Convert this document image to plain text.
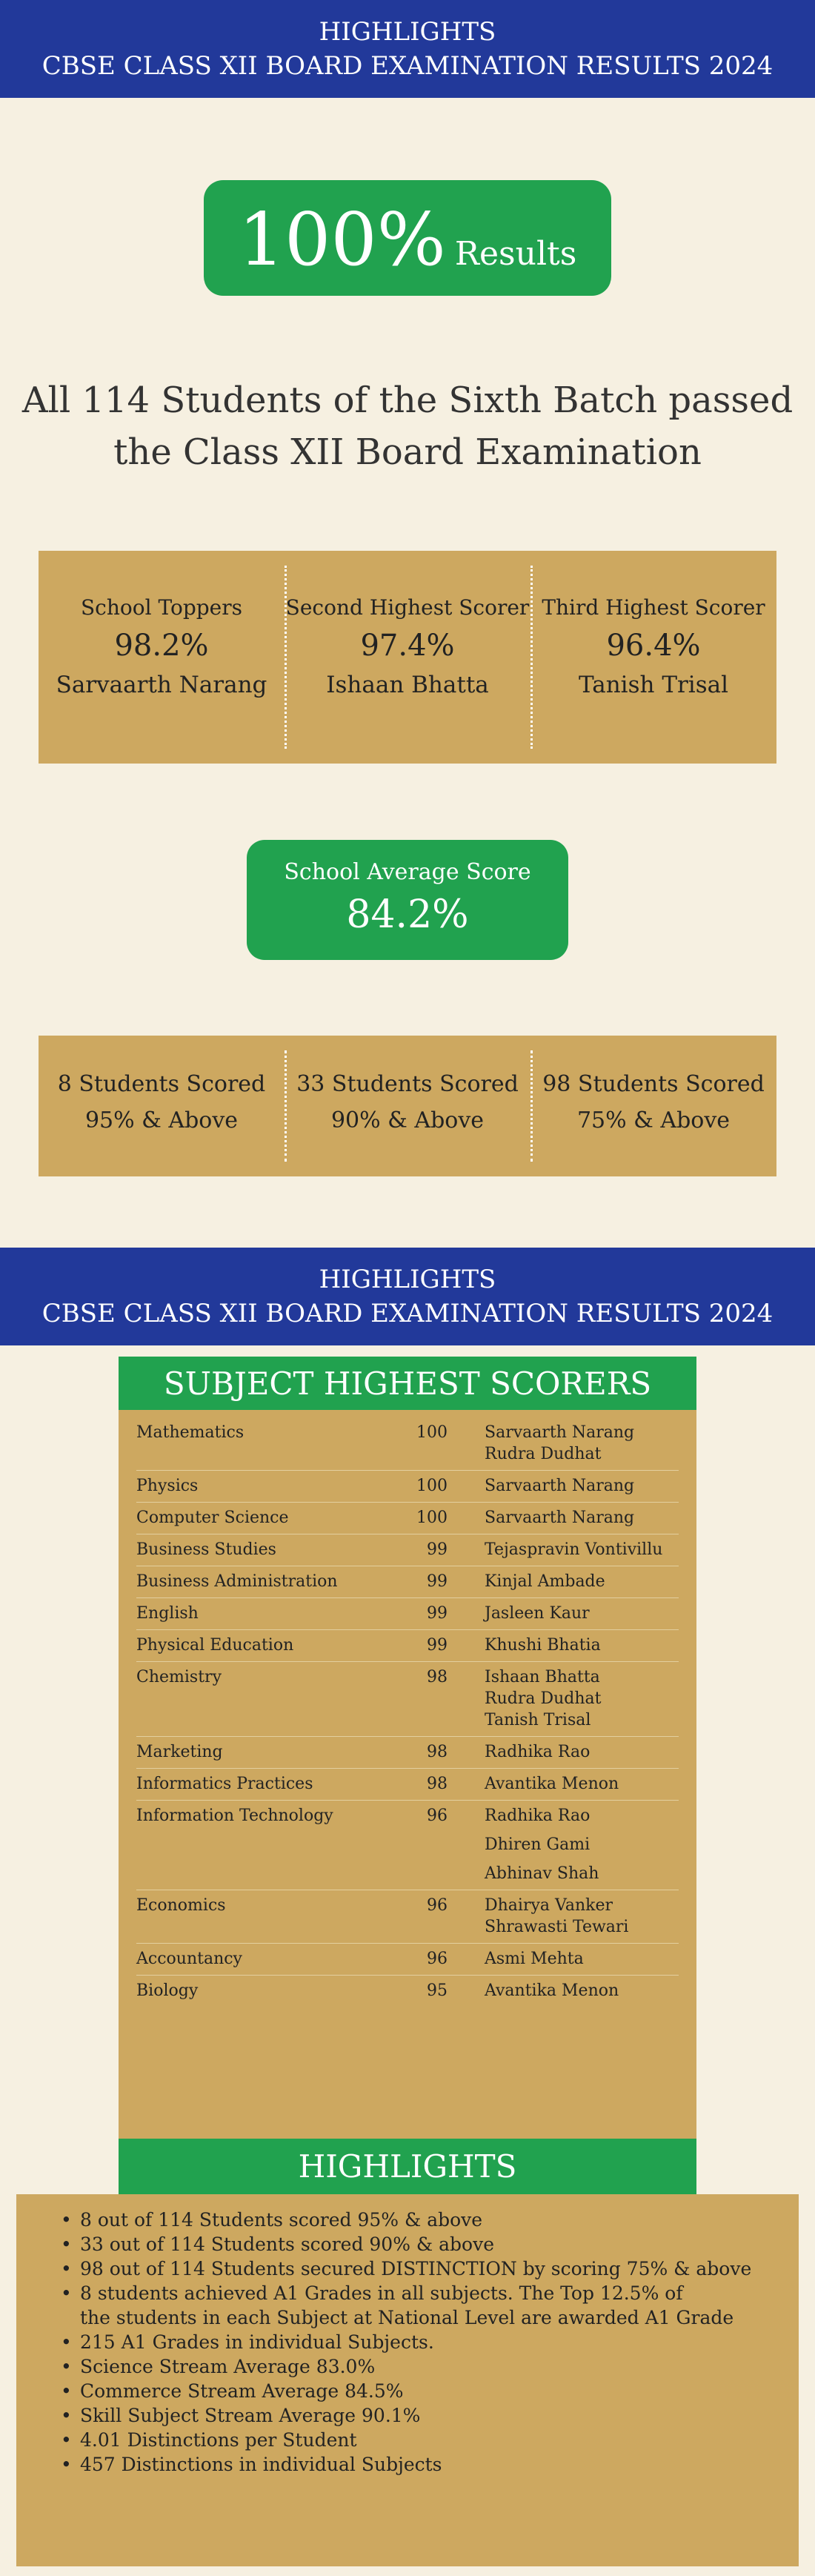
HIGHLIGHTS
CBSE CLASS XII BOARD EXAMINATION RESULTS 2024
100% Results
All 114 Students of the Sixth Batch passed
the Class XII Board Examination
School Toppers
98.2%
Sarvaarth Narang
Second Highest Scorer
97.4%
Ishaan Bhatta
Third Highest Scorer
96.4%
Tanish Trisal
School Average Score
84.2%
8 Students Scored
95% & Above
33 Students Scored
90% & Above
98 Students Scored
75% & Above
HIGHLIGHTS
CBSE CLASS XII BOARD EXAMINATION RESULTS 2024
SUBJECT HIGHEST SCORERS
Mathematics	100 Sarvaarth Narang
Rudra Dudhat
Physics	100 Sarvaarth Narang
Computer Science	100 Sarvaarth Narang
Business Studies	99 Tejaspravin Vontivillu
Business Administration	99 Kinjal Ambade
English	99 Jasleen Kaur
Physical Education	99 Khushi Bhatia
Chemistry	98 Ishaan Bhatta
Rudra Dudhat
Tanish Trisal
Marketing	98 Radhika Rao
Informatics Practices	98 Avantika Menon
Information Technology	96 Radhika Rao
Dhiren Gami
Abhinav Shah
Economics	96 Dhairya Vanker
Shrawasti Tewari
Accountancy	96 Asmi Mehta
Biology	95 Avantika Menon
HIGHLIGHTS
• 8 out of 114 Students scored 95% & above
• 33 out of 114 Students scored 90% & above
• 98 out of 114 Students secured DISTINCTION by scoring 75% & above
• 8 students achieved A1 Grades in all subjects. The Top 12.5% of
the students in each Subject at National Level are awarded A1 Grade
• 215 A1 Grades in individual Subjects.
• Science Stream Average 83.0%
• Commerce Stream Average 84.5%
• Skill Subject Stream Average 90.1%
• 4.01 Distinctions per Student
• 457 Distinctions in individual Subjects
